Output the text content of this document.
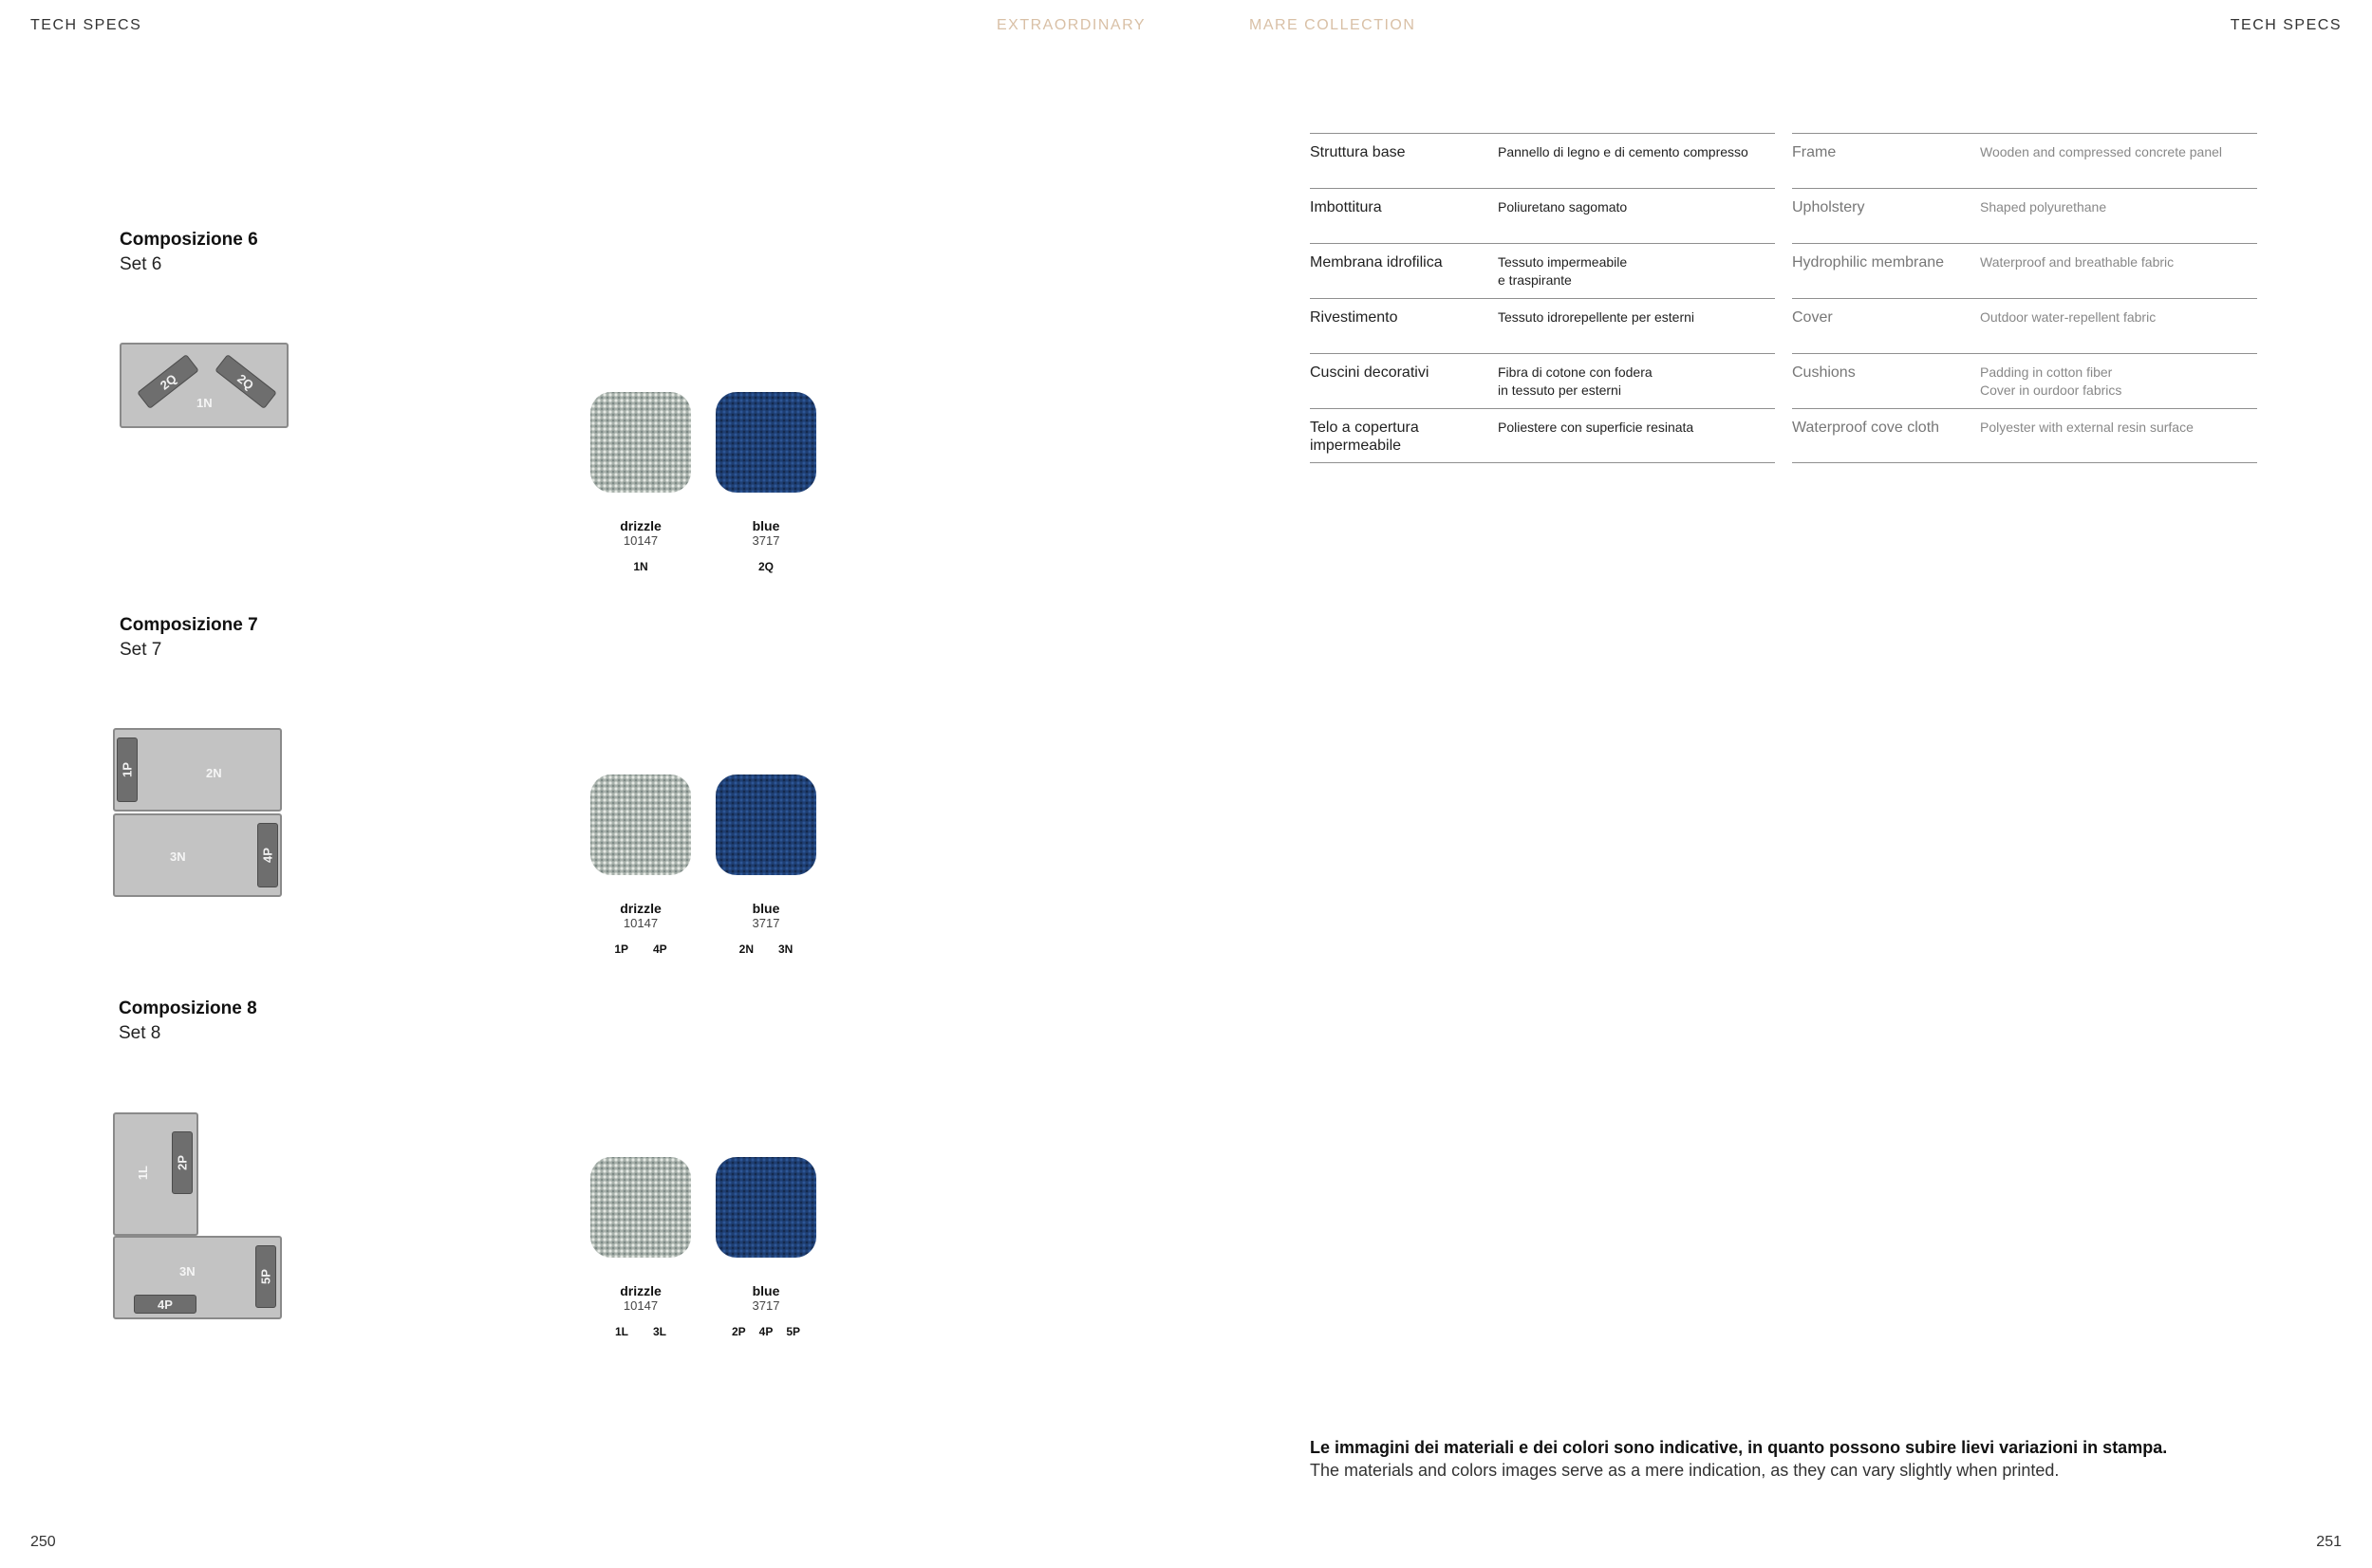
TECH SPECS	EXTRAORDINARY	MARE COLLECTION	TECH SPECS
Composizione 6
Set 6
2Q	2Q
1N
drizzle
10147
1N
blue
3717
2Q
Composizione 7
Set 7
1P	2N
3N	4P
drizzle
10147
1P 4P
blue
3717
2N 3N
Composizione 8
Set 8
1L
2P
3N	5P
4P
drizzle
10147
1L 3L
blue
3717
2P 4P 5P
Struttura base	Pannello di legno e di cemento compresso
Imbottitura	Poliuretano sagomato
Membrana idrofilica	Tessuto impermeabile
e traspirante
Rivestimento	Tessuto idrorepellente per esterni
Cuscini decorativi	Fibra di cotone con fodera
in tessuto per esterni
Telo a copertura
impermeabile
Poliestere con superficie resinata
Frame	Wooden and compressed concrete panel
Upholstery	Shaped polyurethane
Hydrophilic membrane	Waterproof and breathable fabric
Cover	Outdoor water-repellent fabric
Cushions	Padding in cotton fiber
Cover in ourdoor fabrics
Waterproof cove cloth	Polyester with external resin surface
Le immagini dei materiali e dei colori sono indicative, in quanto possono subire lievi variazioni in stampa.
The materials and colors images serve as a mere indication, as they can vary slightly when printed.
250	251
